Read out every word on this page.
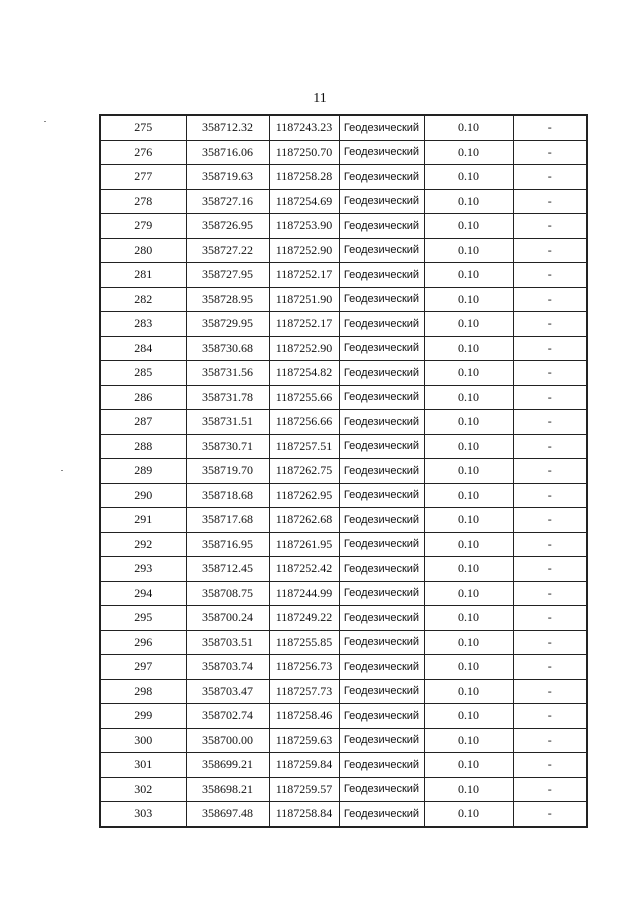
11
275	358712.32	1187243.23	Геодезический	0.10	-
276	358716.06	1187250.70	Геодезический	0.10	-
277	358719.63	1187258.28	Геодезический	0.10	-
278	358727.16	1187254.69	Геодезический	0.10	-
279	358726.95	1187253.90	Геодезический	0.10	-
280	358727.22	1187252.90	Геодезический	0.10	-
281	358727.95	1187252.17	Геодезический	0.10	-
282	358728.95	1187251.90	Геодезический	0.10	-
283	358729.95	1187252.17	Геодезический	0.10	-
284	358730.68	1187252.90	Геодезический	0.10	-
285	358731.56	1187254.82	Геодезический	0.10	-
286	358731.78	1187255.66	Геодезический	0.10	-
287	358731.51	1187256.66	Геодезический	0.10	-
288	358730.71	1187257.51	Геодезический	0.10	-
289	358719.70	1187262.75	Геодезический	0.10	-
290	358718.68	1187262.95	Геодезический	0.10	-
291	358717.68	1187262.68	Геодезический	0.10	-
292	358716.95	1187261.95	Геодезический	0.10	-
293	358712.45	1187252.42	Геодезический	0.10	-
294	358708.75	1187244.99	Геодезический	0.10	-
295	358700.24	1187249.22	Геодезический	0.10	-
296	358703.51	1187255.85	Геодезический	0.10	-
297	358703.74	1187256.73	Геодезический	0.10	-
298	358703.47	1187257.73	Геодезический	0.10	-
299	358702.74	1187258.46	Геодезический	0.10	-
300	358700.00	1187259.63	Геодезический	0.10	-
301	358699.21	1187259.84	Геодезический	0.10	-
302	358698.21	1187259.57	Геодезический	0.10	-
303	358697.48	1187258.84	Геодезический	0.10	-
